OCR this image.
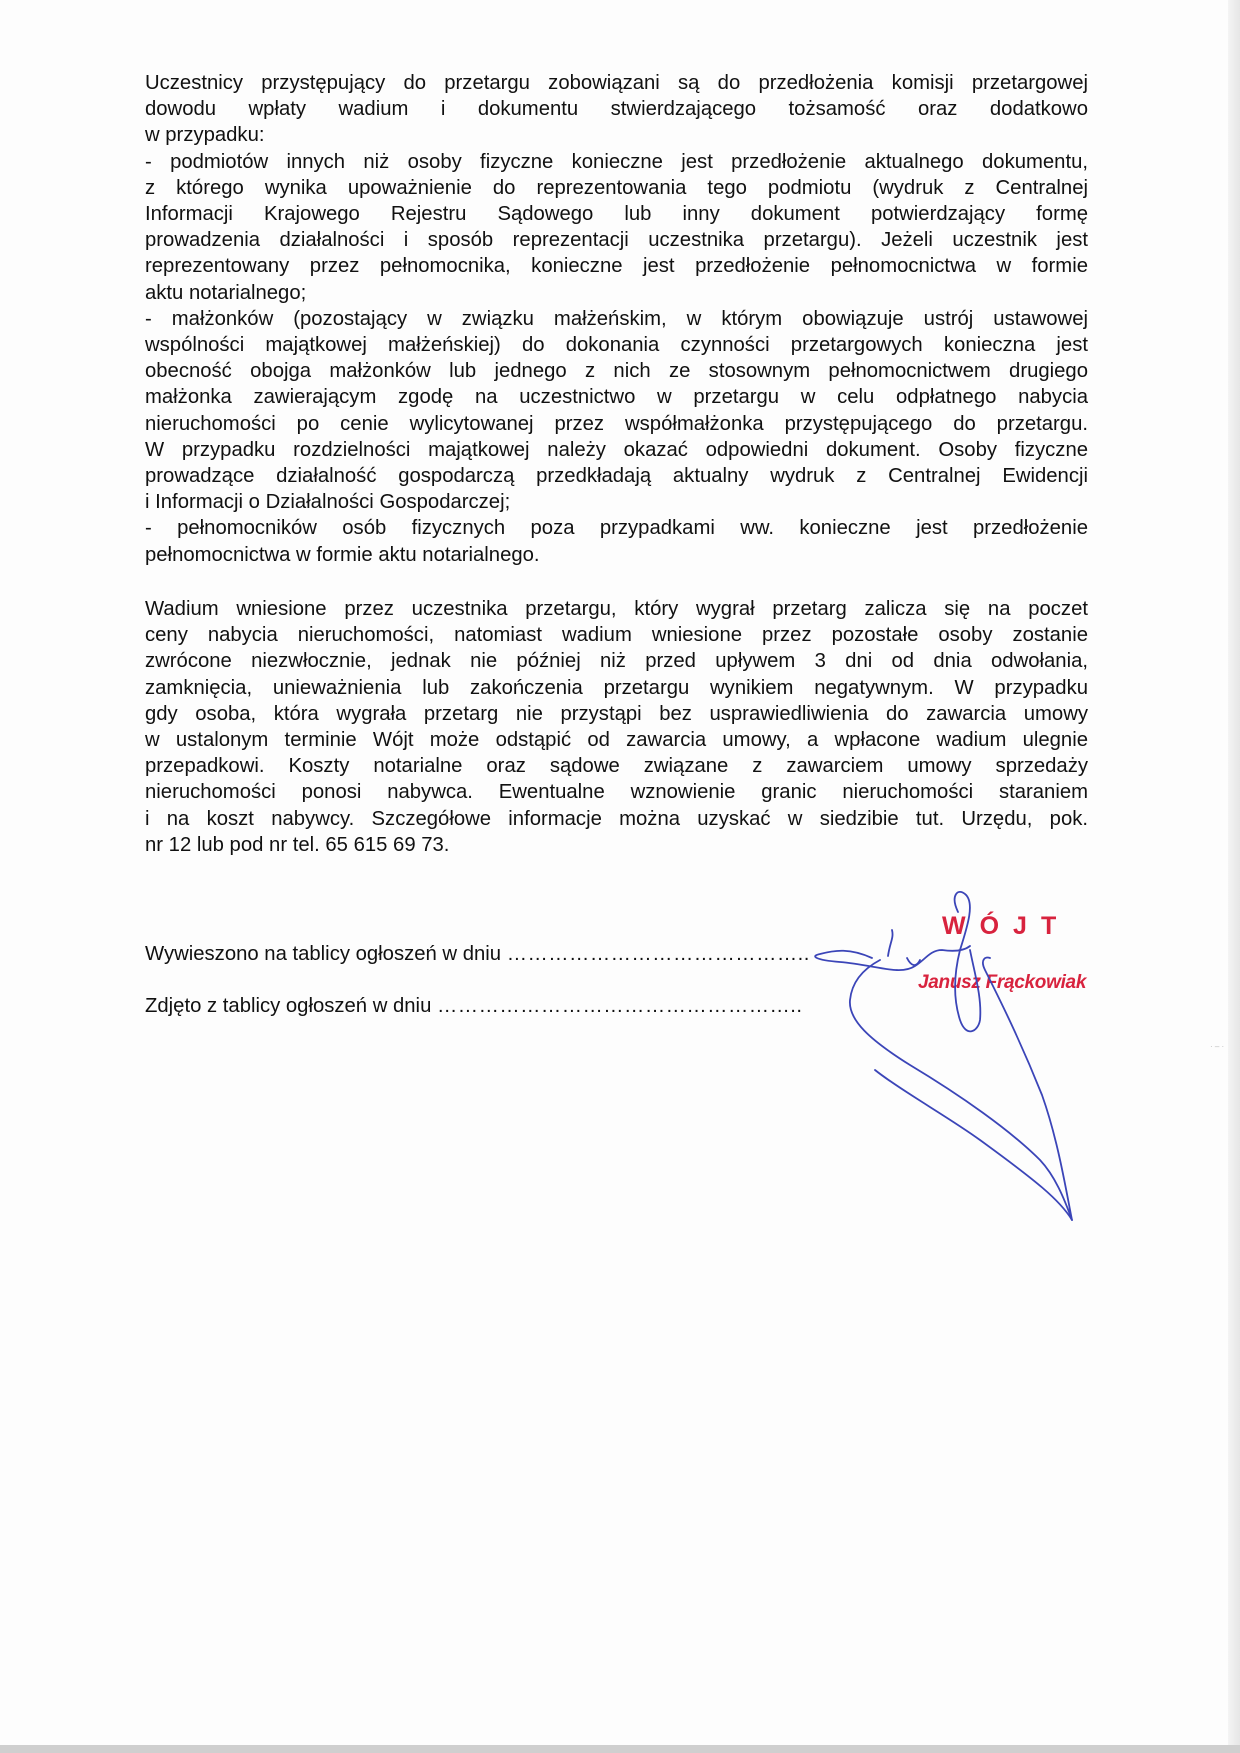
Uczestnicy przystępujący do przetargu zobowiązani są do przedłożenia komisji przetargowej

dowodu wpłaty wadium i dokumentu stwierdzającego tożsamość oraz dodatkowo

w przypadku:

- podmiotów innych niż osoby fizyczne konieczne jest przedłożenie aktualnego dokumentu,

z którego wynika upoważnienie do reprezentowania tego podmiotu (wydruk z Centralnej

Informacji Krajowego Rejestru Sądowego lub inny dokument potwierdzający formę

prowadzenia działalności i sposób reprezentacji uczestnika przetargu). Jeżeli uczestnik jest

reprezentowany przez pełnomocnika, konieczne jest przedłożenie pełnomocnictwa w formie

aktu notarialnego;

- małżonków (pozostający w związku małżeńskim, w którym obowiązuje ustrój ustawowej

wspólności majątkowej małżeńskiej) do dokonania czynności przetargowych konieczna jest

obecność obojga małżonków lub jednego z nich ze stosownym pełnomocnictwem drugiego

małżonka zawierającym zgodę na uczestnictwo w przetargu w celu odpłatnego nabycia

nieruchomości po cenie wylicytowanej przez współmałżonka przystępującego do przetargu.

W przypadku rozdzielności majątkowej należy okazać odpowiedni dokument. Osoby fizyczne

prowadzące działalność gospodarczą przedkładają aktualny wydruk z Centralnej Ewidencji

i Informacji o Działalności Gospodarczej;

- pełnomocników osób fizycznych poza przypadkami ww. konieczne jest przedłożenie

pełnomocnictwa w formie aktu notarialnego.

Wadium wniesione przez uczestnika przetargu, który wygrał przetarg zalicza się na poczet

ceny nabycia nieruchomości, natomiast wadium wniesione przez pozostałe osoby zostanie

zwrócone niezwłocznie, jednak nie później niż przed upływem 3 dni od dnia odwołania,

zamknięcia, unieważnienia lub zakończenia przetargu wynikiem negatywnym. W przypadku

gdy osoba, która wygrała przetarg nie przystąpi bez usprawiedliwienia do zawarcia umowy

w ustalonym terminie Wójt może odstąpić od zawarcia umowy, a wpłacone wadium ulegnie

przepadkowi. Koszty notarialne oraz sądowe związane z zawarciem umowy sprzedaży

nieruchomości ponosi nabywca. Ewentualne wznowienie granic nieruchomości staraniem

i na koszt nabywcy. Szczegółowe informacje można uzyskać w siedzibie tut. Urzędu, pok.

nr 12 lub pod nr tel. 65 615 69 73.

Wywieszono na tablicy ogłoszeń w dniu ……………………………………..
Zdjęto z tablicy ogłoszeń w dniu ……………………………………………..
WÓJT
Janusz Frąckowiak
· – ·
